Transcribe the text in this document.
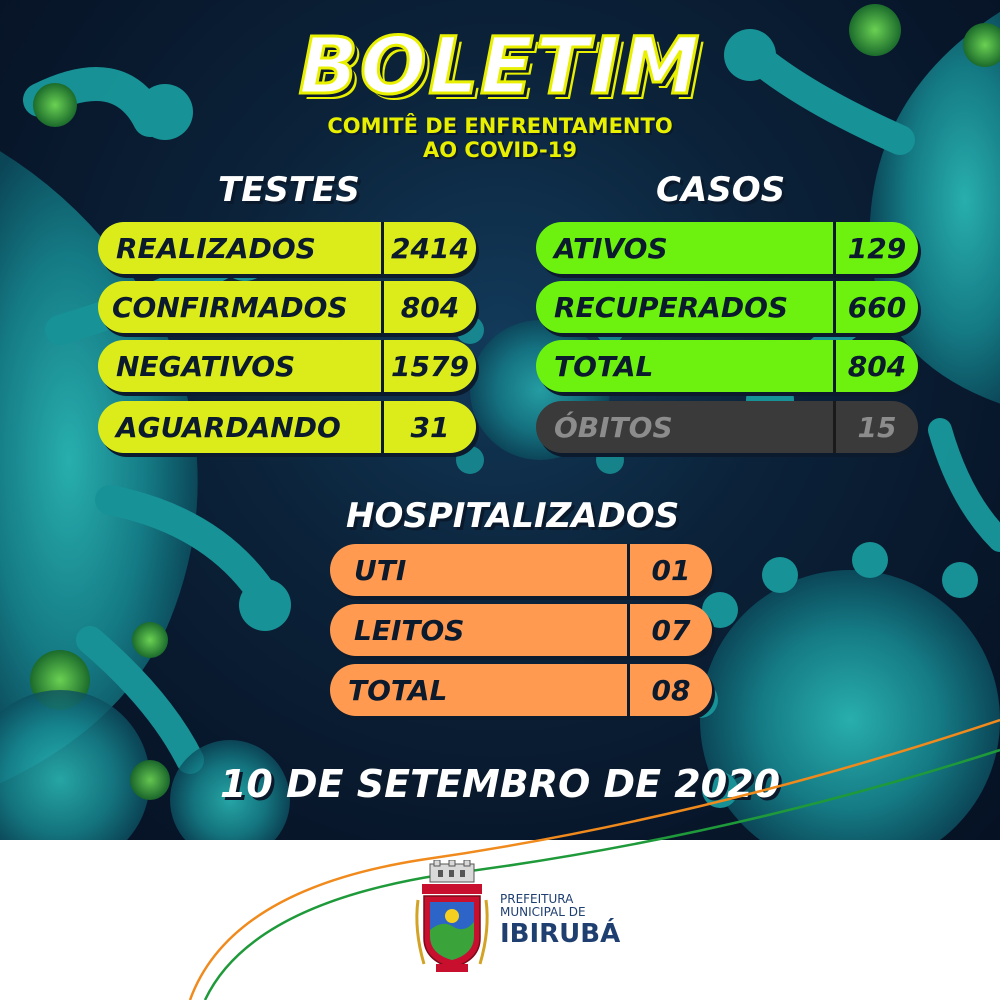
BOLETIM
COMITÊ DE ENFRENTAMENTO
AO COVID-19
TESTES
REALIZADOS	2414
CONFIRMADOS	804
NEGATIVOS	1579
AGUARDANDO	31
CASOS
ATIVOS	129
RECUPERADOS	660
TOTAL	804
ÓBITOS	15
HOSPITALIZADOS
UTI	01
LEITOS	07
TOTAL	08
10 DE SETEMBRO DE 2020
PREFEITURA
MUNICIPAL DE
IBIRUBÁ
